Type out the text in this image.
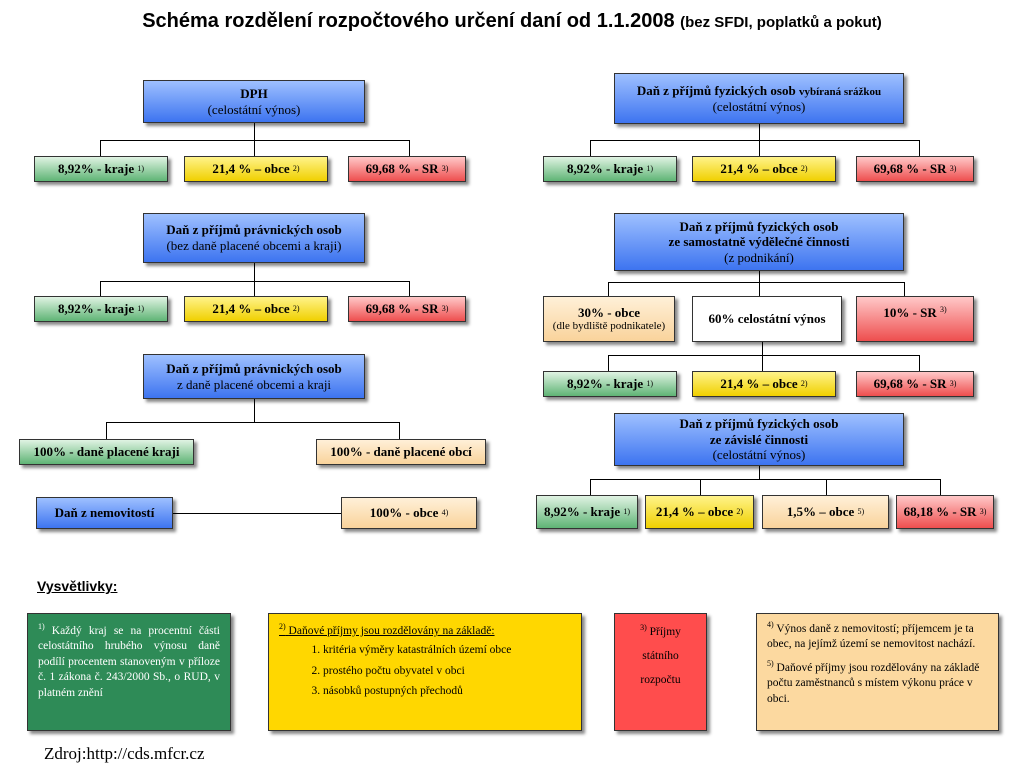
Schéma rozdělení rozpočtového určení daní od 1.1.2008 (bez SFDI, poplatků a pokut)
DPH
(celostátní výnos)
8,92% - kraje
1)	21,4 % – obce
2)	69,68 % - SR
3)
Daň z příjmů právnických osob
(bez daně placené obcemi a kraji)
8,92% - kraje
1)	21,4 % – obce
2)	69,68 % - SR
3)
Daň z příjmů právnických osob
z daně placené obcemi a kraji
100% - daně placené kraji	100% - daně placené obcí
Daň z nemovitostí	100% - obce
4)
Daň z příjmů fyzických osob vybíraná srážkou
(celostátní výnos)
8,92% - kraje
1)	21,4 % – obce
2)	69,68 % - SR
3)
Daň z příjmů fyzických osob
ze samostatně výdělečné činnosti
(z podnikání)
30% - obce
(dle bydliště podnikatele)	60% celostátní výnos	10% - SR
$^{3)}$
8,92% - kraje
1)	21,4 % – obce
2)	69,68 % - SR
3)
Daň z příjmů fyzických osob
ze závislé činnosti
(celostátní výnos)
8,92% - kraje
1) 21,4 % – obce
2)	1,5% – obce
5)	68,18 % - SR
3)
Vysvětlivky:
$^{1)}$ Každý kraj se na procentní části celostátního hrubého výnosu daně podílí procentem stanoveným v příloze č. 1 zákona č. 243/2000 Sb., o RUD, v platném znění
$^{2)}$ Daňové příjmy jsou rozdělovány na základě:
1. kritéria výměry katastrálních území obce
2. prostého počtu obyvatel v obci
3. násobků postupných přechodů
$^{3)}$ Příjmy státního rozpočtu

$^{4)}$ Výnos daně z nemovitostí; příjemcem je ta obec, na jejímž území se nemovitost nachází.

$^{5)}$ Daňové příjmy jsou rozdělovány na základě počtu zaměstnanců s místem výkonu práce v obci.

Zdroj:http://cds.mfcr.cz
